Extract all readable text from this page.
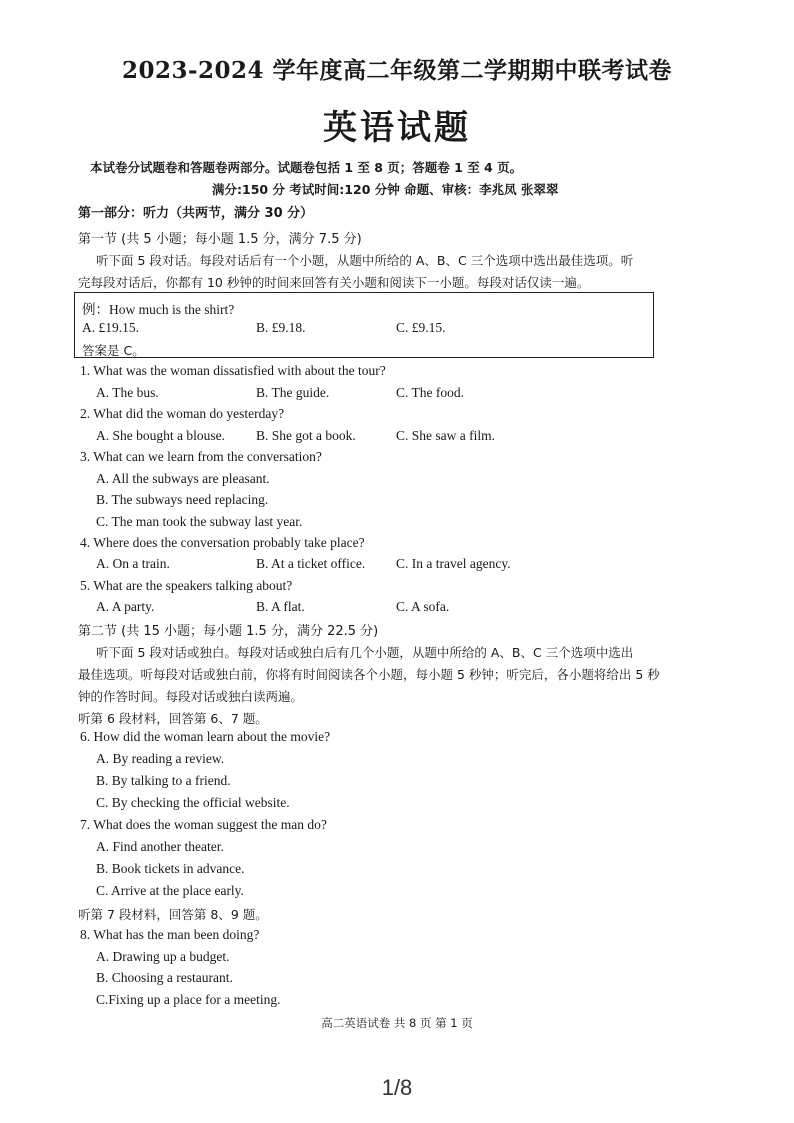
2023-2024 学年度高二年级第二学期期中联考试卷
英语试题
本试卷分试题卷和答题卷两部分。试题卷包括 1 至 8 页；答题卷 1 至 4 页。
满分:150 分 考试时间:120 分钟 命题、审核：李兆凤 张翠翠
第一部分：听力（共两节，满分 30 分）
第一节 (共 5 小题；每小题 1.5 分，满分 7.5 分)
听下面 5 段对话。每段对话后有一个小题，从题中所给的 A、B、C 三个选项中选出最佳选项。听
完每段对话后，你都有 10 秒钟的时间来回答有关小题和阅读下一小题。每段对话仅读一遍。
例：How much is the shirt?
A. £19.15.	B. £9.18.	C. £9.15.
答案是 C。
1. What was the woman dissatisfied with about the tour?
A. The bus.	B. The guide.	C. The food.
2. What did the woman do yesterday?
A. She bought a blouse. B. She got a book.	C. She saw a film.
3. What can we learn from the conversation?
A. All the subways are pleasant.
B. The subways need replacing.
C. The man took the subway last year.
4. Where does the conversation probably take place?
A. On a train.	B. At a ticket office. C. In a travel agency.
5. What are the speakers talking about?
A. A party.	B. A flat.	C. A sofa.
第二节 (共 15 小题；每小题 1.5 分，满分 22.5 分)
听下面 5 段对话或独白。每段对话或独白后有几个小题，从题中所给的 A、B、C 三个选项中选出
最佳选项。听每段对话或独白前，你将有时间阅读各个小题，每小题 5 秒钟；听完后，各小题将给出 5 秒
钟的作答时间。每段对话或独白读两遍。
听第 6 段材料，回答第 6、7 题。
6. How did the woman learn about the movie?
A. By reading a review.
B. By talking to a friend.
C. By checking the official website.
7. What does the woman suggest the man do?
A. Find another theater.
B. Book tickets in advance.
C. Arrive at the place early.
听第 7 段材料，回答第 8、9 题。
8. What has the man been doing?
A. Drawing up a budget.
B. Choosing a restaurant.
C.Fixing up a place for a meeting.
高二英语试卷 共 8 页 第 1 页
1/8
